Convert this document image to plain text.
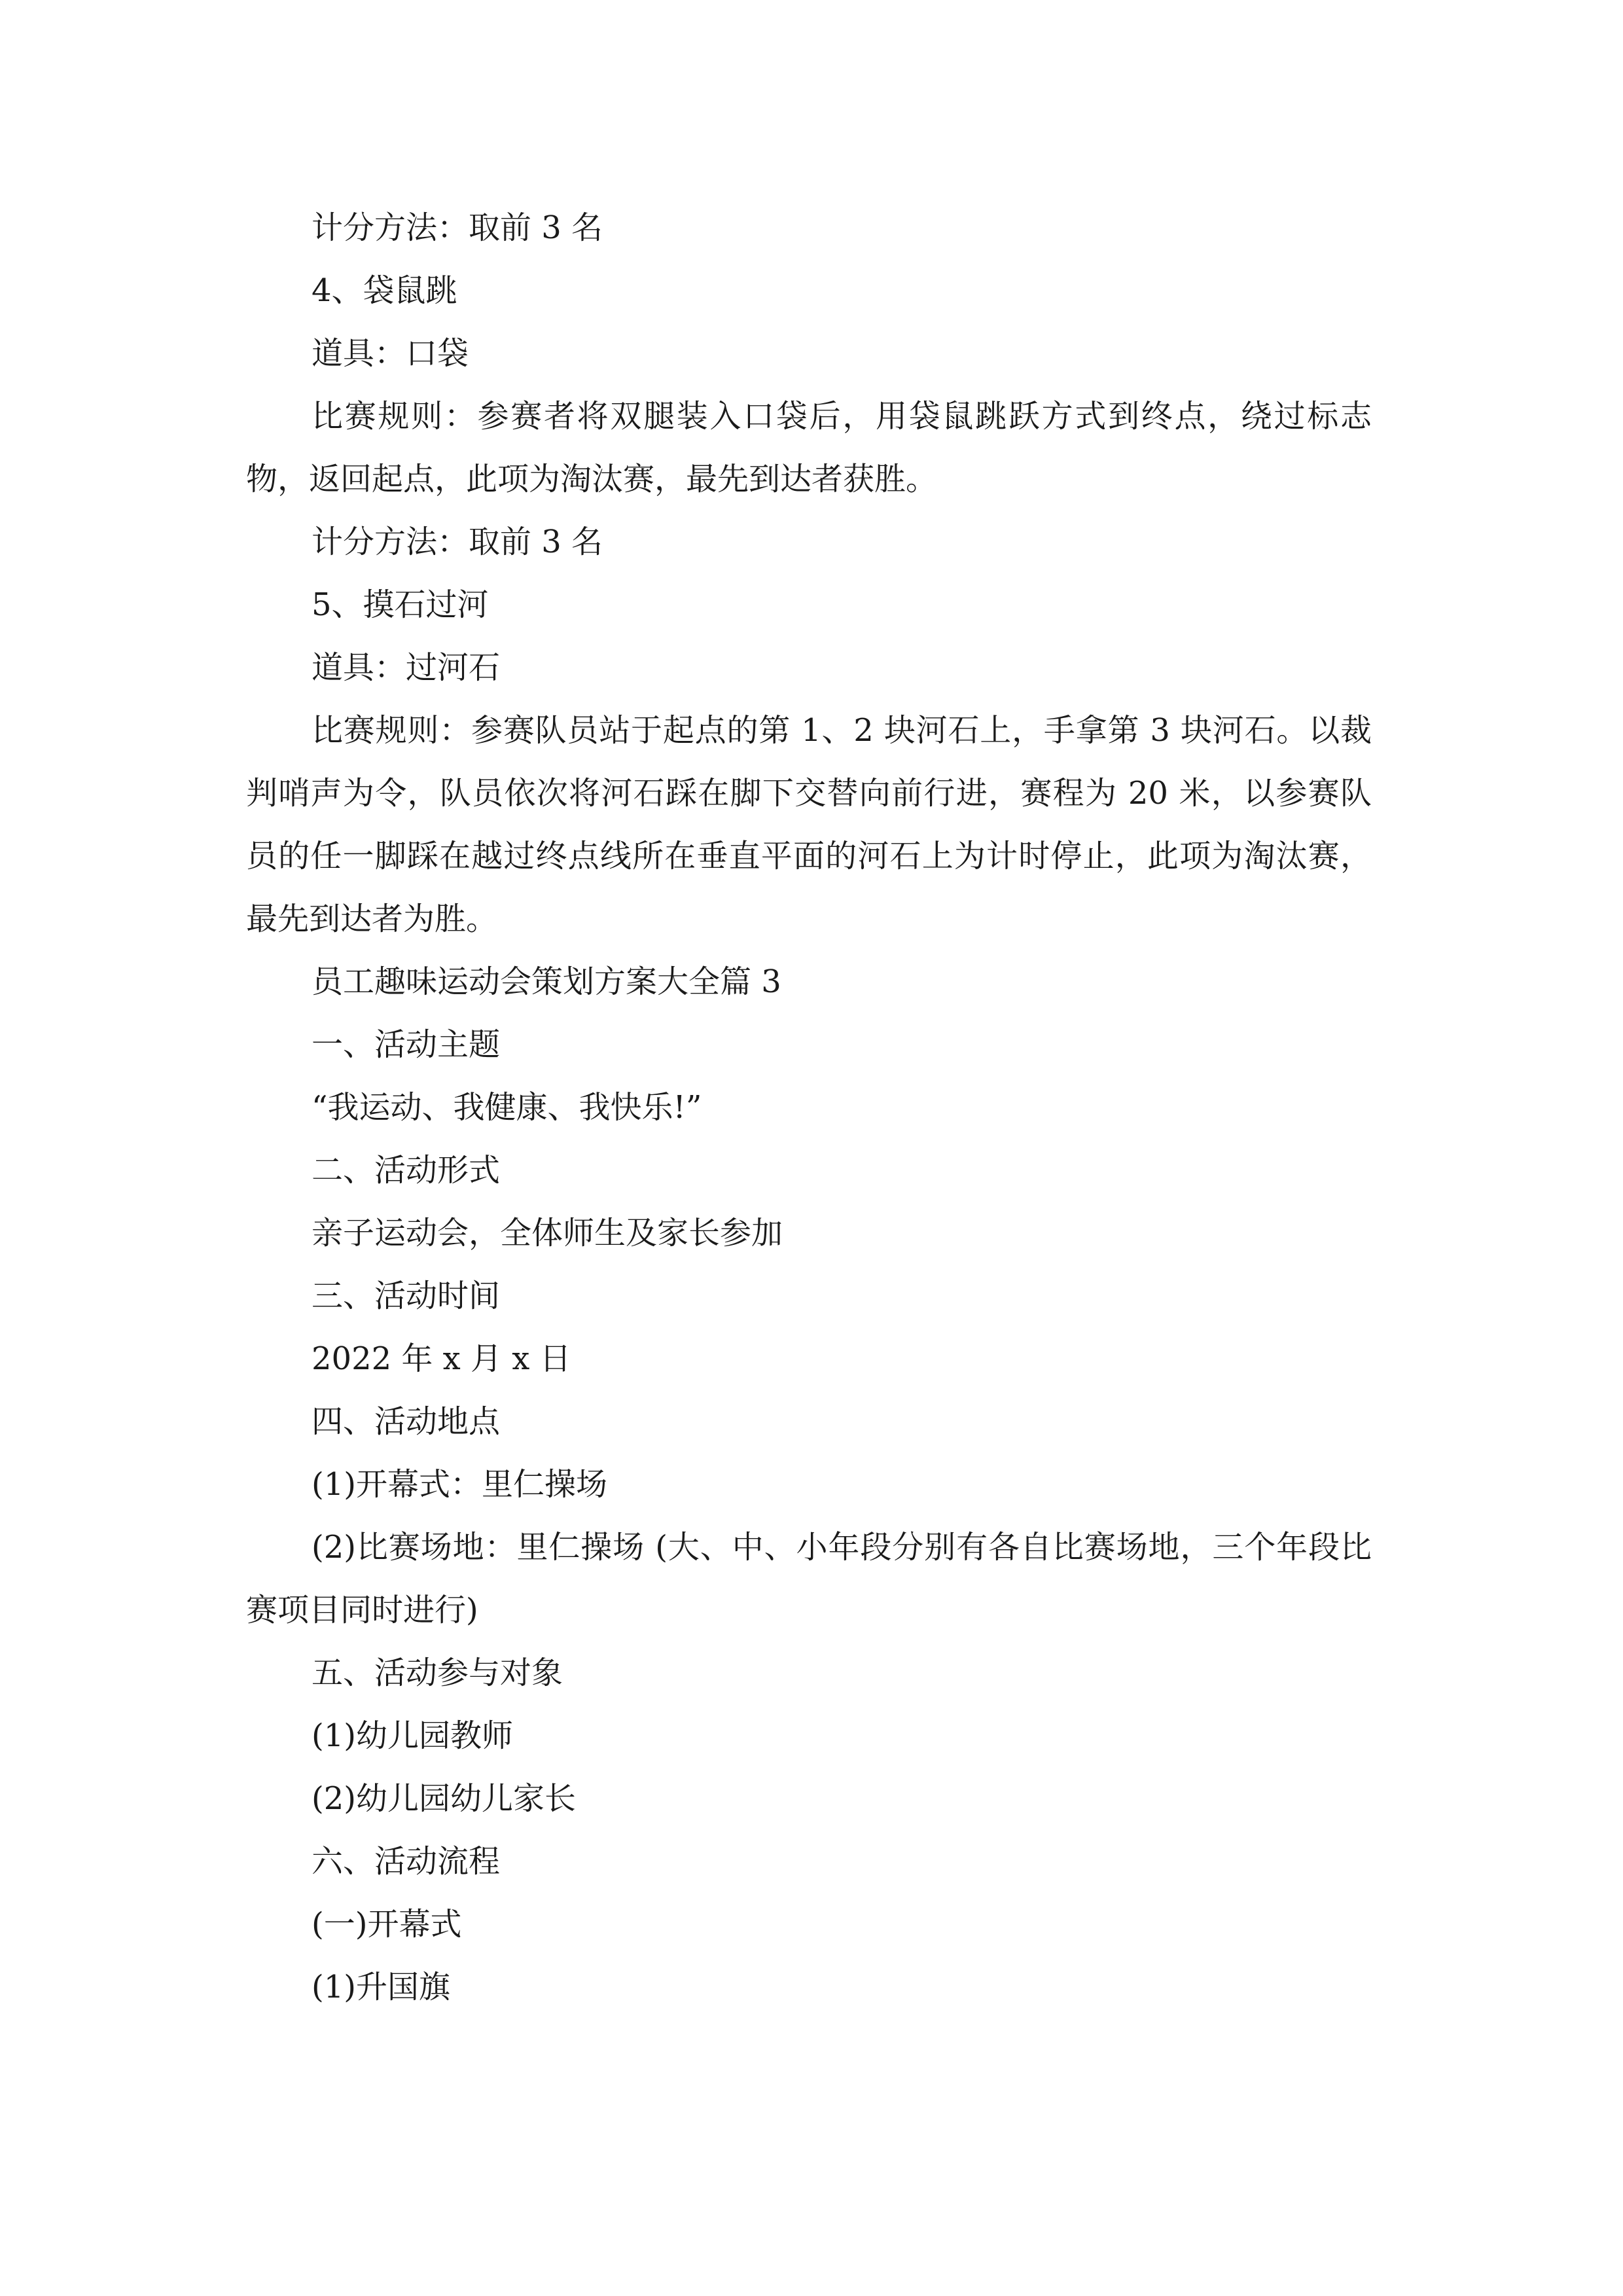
计分方法：取前 3 名

4、袋鼠跳

道具：口袋

比赛规则：参赛者将双腿装入口袋后，用袋鼠跳跃方式到终点，绕过标志物，返回起点，此项为淘汰赛，最先到达者获胜。

计分方法：取前 3 名

5、摸石过河

道具：过河石

比赛规则：参赛队员站于起点的第 1、2 块河石上，手拿第 3 块河石。以裁判哨声为令，队员依次将河石踩在脚下交替向前行进，赛程为 20 米，以参赛队员的任一脚踩在越过终点线所在垂直平面的河石上为计时停止，此项为淘汰赛，最先到达者为胜。

员工趣味运动会策划方案大全篇 3

一、活动主题

“我运动、我健康、我快乐!”

二、活动形式

亲子运动会，全体师生及家长参加

三、活动时间

2022 年 x 月 x 日

四、活动地点

(1)开幕式：里仁操场

(2)比赛场地：里仁操场 (大、中、小年段分别有各自比赛场地，三个年段比赛项目同时进行)

五、活动参与对象

(1)幼儿园教师

(2)幼儿园幼儿家长

六、活动流程

(一)开幕式

(1)升国旗
